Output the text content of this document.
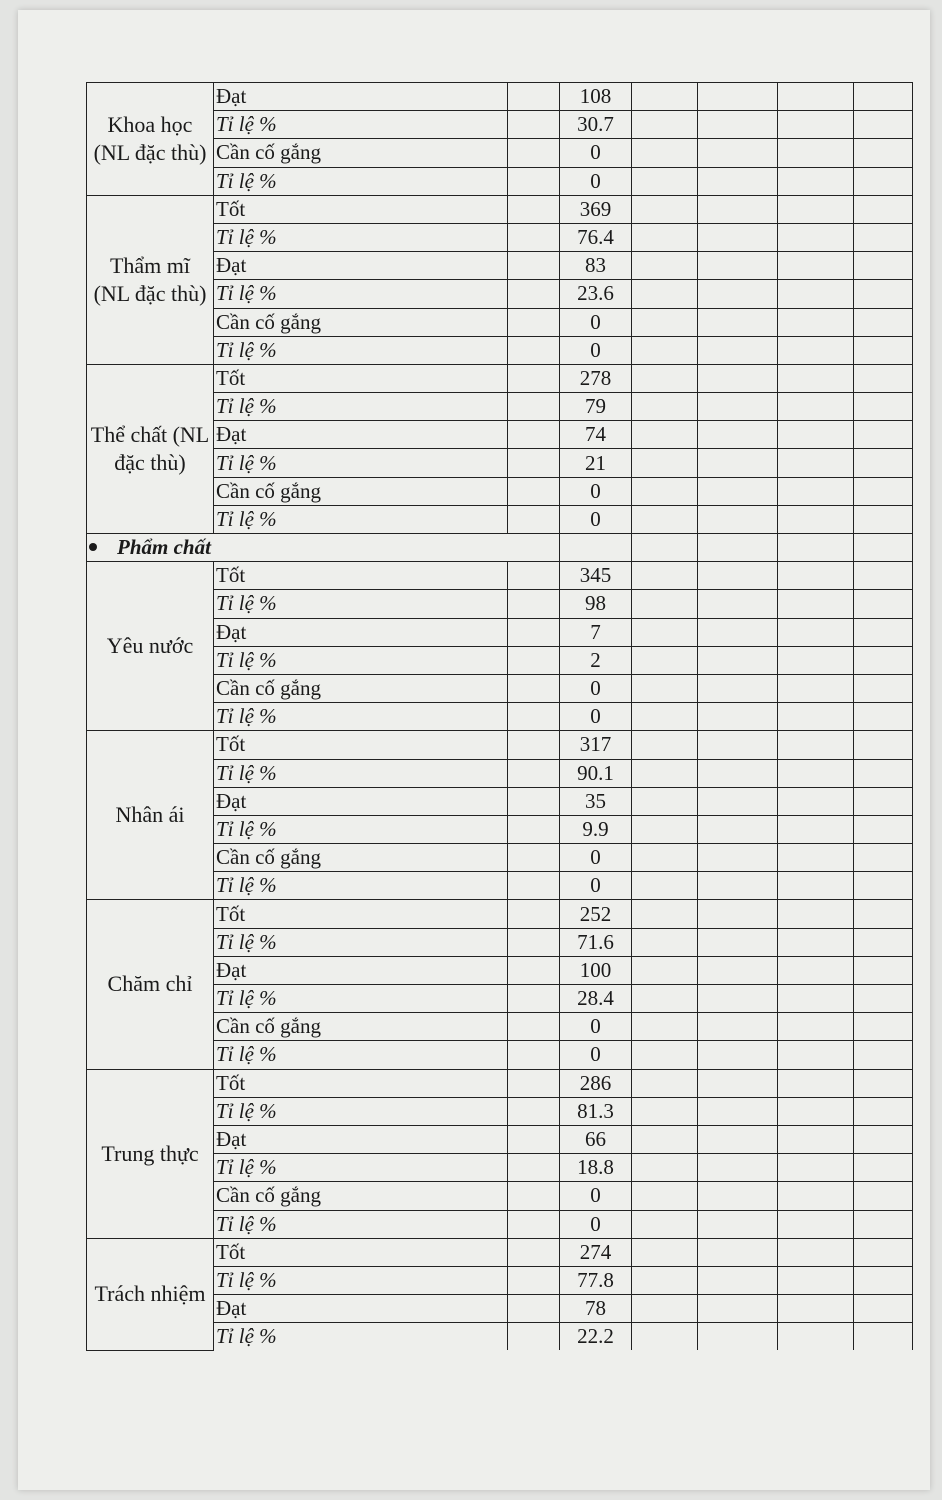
Khoa học (NL đặc thù)	Đạt		108				
	Tỉ lệ %		30.7				
	Cần cố gắng		0				
	Tỉ lệ %		0				
Thẩm mĩ (NL đặc thù)	Tốt		369				
	Tỉ lệ %		76.4				
	Đạt		83				
	Tỉ lệ %		23.6				
	Cần cố gắng		0				
	Tỉ lệ %		0				
Thể chất (NL đặc thù)	Tốt		278				
	Tỉ lệ %		79				
	Đạt		74				
	Tỉ lệ %		21				
	Cần cố gắng		0				
	Tỉ lệ %		0				
Phẩm chất							
Yêu nước	Tốt		345				
	Tỉ lệ %		98				
	Đạt		7				
	Tỉ lệ %		2				
	Cần cố gắng		0				
	Tỉ lệ %		0				
Nhân ái	Tốt		317				
	Tỉ lệ %		90.1				
	Đạt		35				
	Tỉ lệ %		9.9				
	Cần cố gắng		0				
	Tỉ lệ %		0				
Chăm chỉ	Tốt		252				
	Tỉ lệ %		71.6				
	Đạt		100				
	Tỉ lệ %		28.4				
	Cần cố gắng		0				
	Tỉ lệ %		0				
Trung thực	Tốt		286				
	Tỉ lệ %		81.3				
	Đạt		66				
	Tỉ lệ %		18.8				
	Cần cố gắng		0				
	Tỉ lệ %		0				
Trách nhiệm	Tốt		274				
	Tỉ lệ %		77.8				
	Đạt		78				
	Tỉ lệ %		22.2				
